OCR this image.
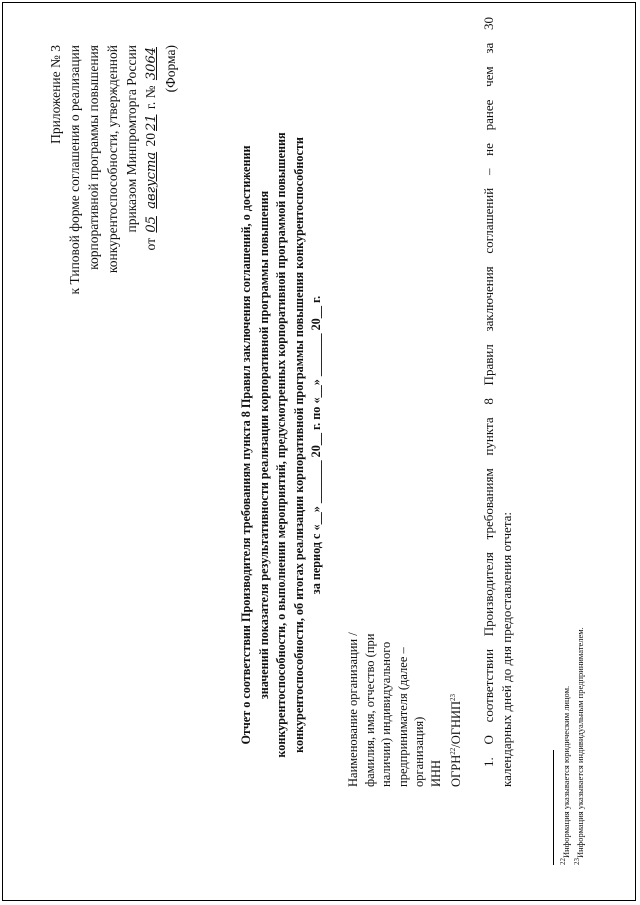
Приложение № 3 к Типовой форме соглашения о реализации корпоративной программы повышения конкурентоспособности, утвержденной приказом Минпромторга России
от 05 августа 2021 г. № 3064 (Форма)
Отчет о соответствии Производителя требованиям пункта 8 Правил заключения соглашений, о достижении значений показателя результативности реализации корпоративной программы повышения конкурентоспособности, о выполнении мероприятий, предусмотренных корпоративной программой повышения конкурентоспособности, об итогах реализации корпоративной программы повышения конкурентоспособности за период с «__» _______ 20__ г. по «__» _______ 20__ г.
Наименование организации / фамилия, имя, отчество (при наличии) индивидуального предпринимателя (далее – организация) ИНН ОГРН$^{22}$/ОГНИП$^{23}$	1. О соответствии Производителя требованиям пункта 8 Правил заключения соглашений – не ранее чем за 30 календарных дней до дня предоставления отчета:
$^{22}$Информация указывается юридическим лицом.
$^{23}$Информация указывается индивидуальным предпринимателем.
